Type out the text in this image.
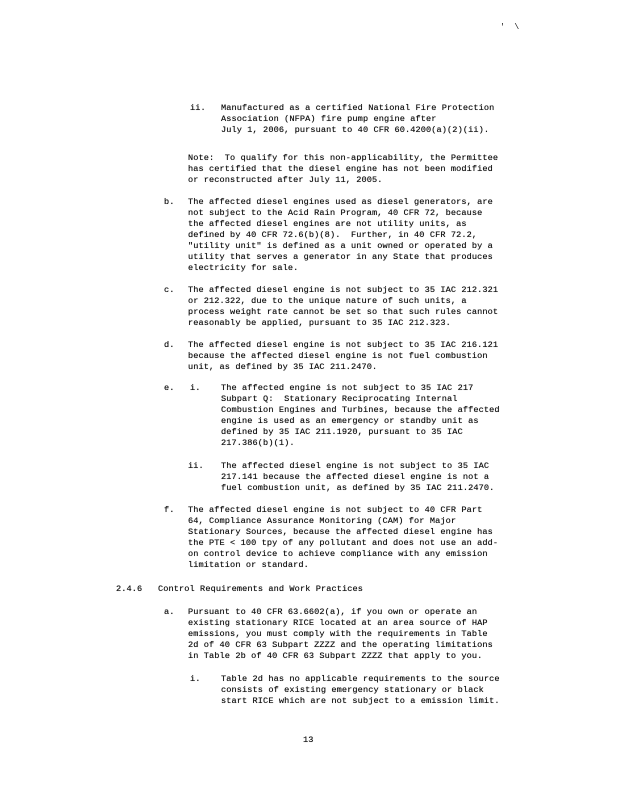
'  \
ii. Manufactured as a certified National Fire Protection
Association (NFPA) fire pump engine after
July 1, 2006, pursuant to 40 CFR 60.4200(a)(2)(ii).
Note:  To qualify for this non-applicability, the Permittee
has certified that the diesel engine has not been modified
or reconstructed after July 11, 2005.
b. The affected diesel engines used as diesel generators, are
not subject to the Acid Rain Program, 40 CFR 72, because
the affected diesel engines are not utility units, as
defined by 40 CFR 72.6(b)(8).  Further, in 40 CFR 72.2,
"utility unit" is defined as a unit owned or operated by a
utility that serves a generator in any State that produces
electricity for sale.
c. The affected diesel engine is not subject to 35 IAC 212.321
or 212.322, due to the unique nature of such units, a
process weight rate cannot be set so that such rules cannot
reasonably be applied, pursuant to 35 IAC 212.323.
d. The affected diesel engine is not subject to 35 IAC 216.121
because the affected diesel engine is not fuel combustion
unit, as defined by 35 IAC 211.2470.
e. i. The affected engine is not subject to 35 IAC 217
Subpart Q:  Stationary Reciprocating Internal
Combustion Engines and Turbines, because the affected
engine is used as an emergency or standby unit as
defined by 35 IAC 211.1920, pursuant to 35 IAC
217.386(b)(1).
ii. The affected diesel engine is not subject to 35 IAC
217.141 because the affected diesel engine is not a
fuel combustion unit, as defined by 35 IAC 211.2470.
f. The affected diesel engine is not subject to 40 CFR Part
64, Compliance Assurance Monitoring (CAM) for Major
Stationary Sources, because the affected diesel engine has
the PTE < 100 tpy of any pollutant and does not use an add-
on control device to achieve compliance with any emission
limitation or standard.
2.4.6 Control Requirements and Work Practices
a. Pursuant to 40 CFR 63.6602(a), if you own or operate an
existing stationary RICE located at an area source of HAP
emissions, you must comply with the requirements in Table
2d of 40 CFR 63 Subpart ZZZZ and the operating limitations
in Table 2b of 40 CFR 63 Subpart ZZZZ that apply to you.
i. Table 2d has no applicable requirements to the source
consists of existing emergency stationary or black
start RICE which are not subject to a emission limit.
13
